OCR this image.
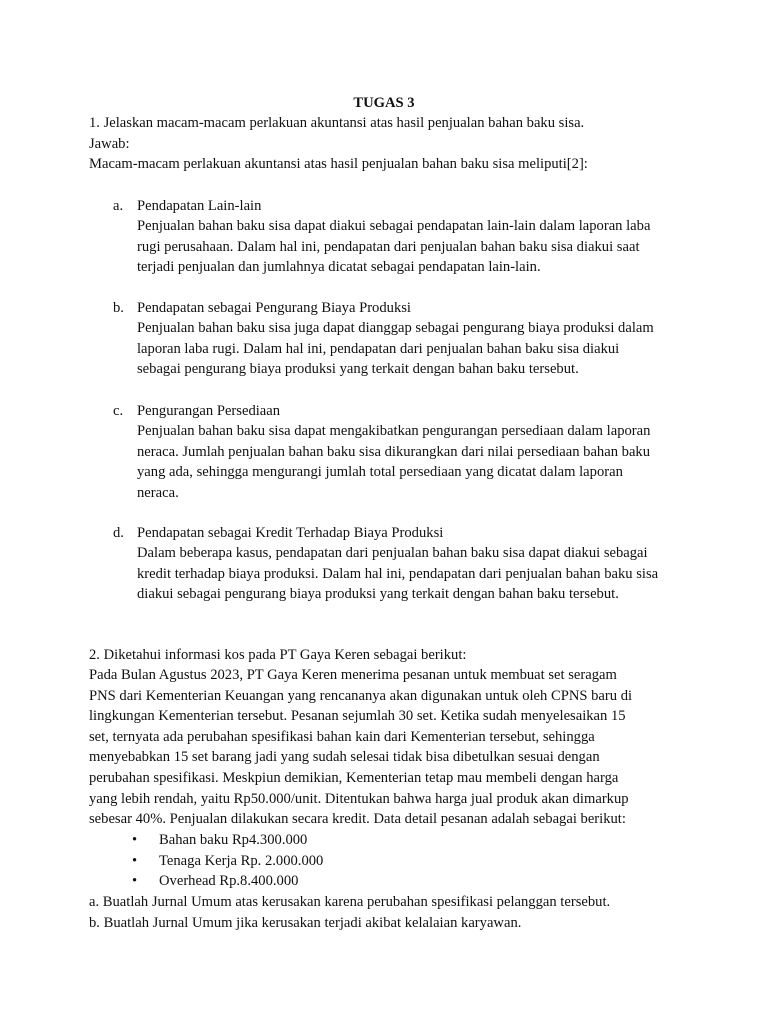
TUGAS 3
1. Jelaskan macam-macam perlakuan akuntansi atas hasil penjualan bahan baku sisa.
Jawab:
Macam-macam perlakuan akuntansi atas hasil penjualan bahan baku sisa meliputi[2]:
a. Pendapatan Lain-lain

Penjualan bahan baku sisa dapat diakui sebagai pendapatan lain-lain dalam laporan laba

rugi perusahaan. Dalam hal ini, pendapatan dari penjualan bahan baku sisa diakui saat

terjadi penjualan dan jumlahnya dicatat sebagai pendapatan lain-lain.

b. Pendapatan sebagai Pengurang Biaya Produksi

Penjualan bahan baku sisa juga dapat dianggap sebagai pengurang biaya produksi dalam

laporan laba rugi. Dalam hal ini, pendapatan dari penjualan bahan baku sisa diakui

sebagai pengurang biaya produksi yang terkait dengan bahan baku tersebut.

c. Pengurangan Persediaan

Penjualan bahan baku sisa dapat mengakibatkan pengurangan persediaan dalam laporan

neraca. Jumlah penjualan bahan baku sisa dikurangkan dari nilai persediaan bahan baku

yang ada, sehingga mengurangi jumlah total persediaan yang dicatat dalam laporan

neraca.

d. Pendapatan sebagai Kredit Terhadap Biaya Produksi

Dalam beberapa kasus, pendapatan dari penjualan bahan baku sisa dapat diakui sebagai

kredit terhadap biaya produksi. Dalam hal ini, pendapatan dari penjualan bahan baku sisa

diakui sebagai pengurang biaya produksi yang terkait dengan bahan baku tersebut.

2. Diketahui informasi kos pada PT Gaya Keren sebagai berikut:

Pada Bulan Agustus 2023, PT Gaya Keren menerima pesanan untuk membuat set seragam

PNS dari Kementerian Keuangan yang rencananya akan digunakan untuk oleh CPNS baru di

lingkungan Kementerian tersebut. Pesanan sejumlah 30 set. Ketika sudah menyelesaikan 15

set, ternyata ada perubahan spesifikasi bahan kain dari Kementerian tersebut, sehingga

menyebabkan 15 set barang jadi yang sudah selesai tidak bisa dibetulkan sesuai dengan

perubahan spesifikasi. Meskpiun demikian, Kementerian tetap mau membeli dengan harga

yang lebih rendah, yaitu Rp50.000/unit. Ditentukan bahwa harga jual produk akan dimarkup

sebesar 40%. Penjualan dilakukan secara kredit. Data detail pesanan adalah sebagai berikut:

• Bahan baku Rp4.300.000
• Tenaga Kerja Rp. 2.000.000
• Overhead Rp.8.400.000
a. Buatlah Jurnal Umum atas kerusakan karena perubahan spesifikasi pelanggan tersebut.
b. Buatlah Jurnal Umum jika kerusakan terjadi akibat kelalaian karyawan.
